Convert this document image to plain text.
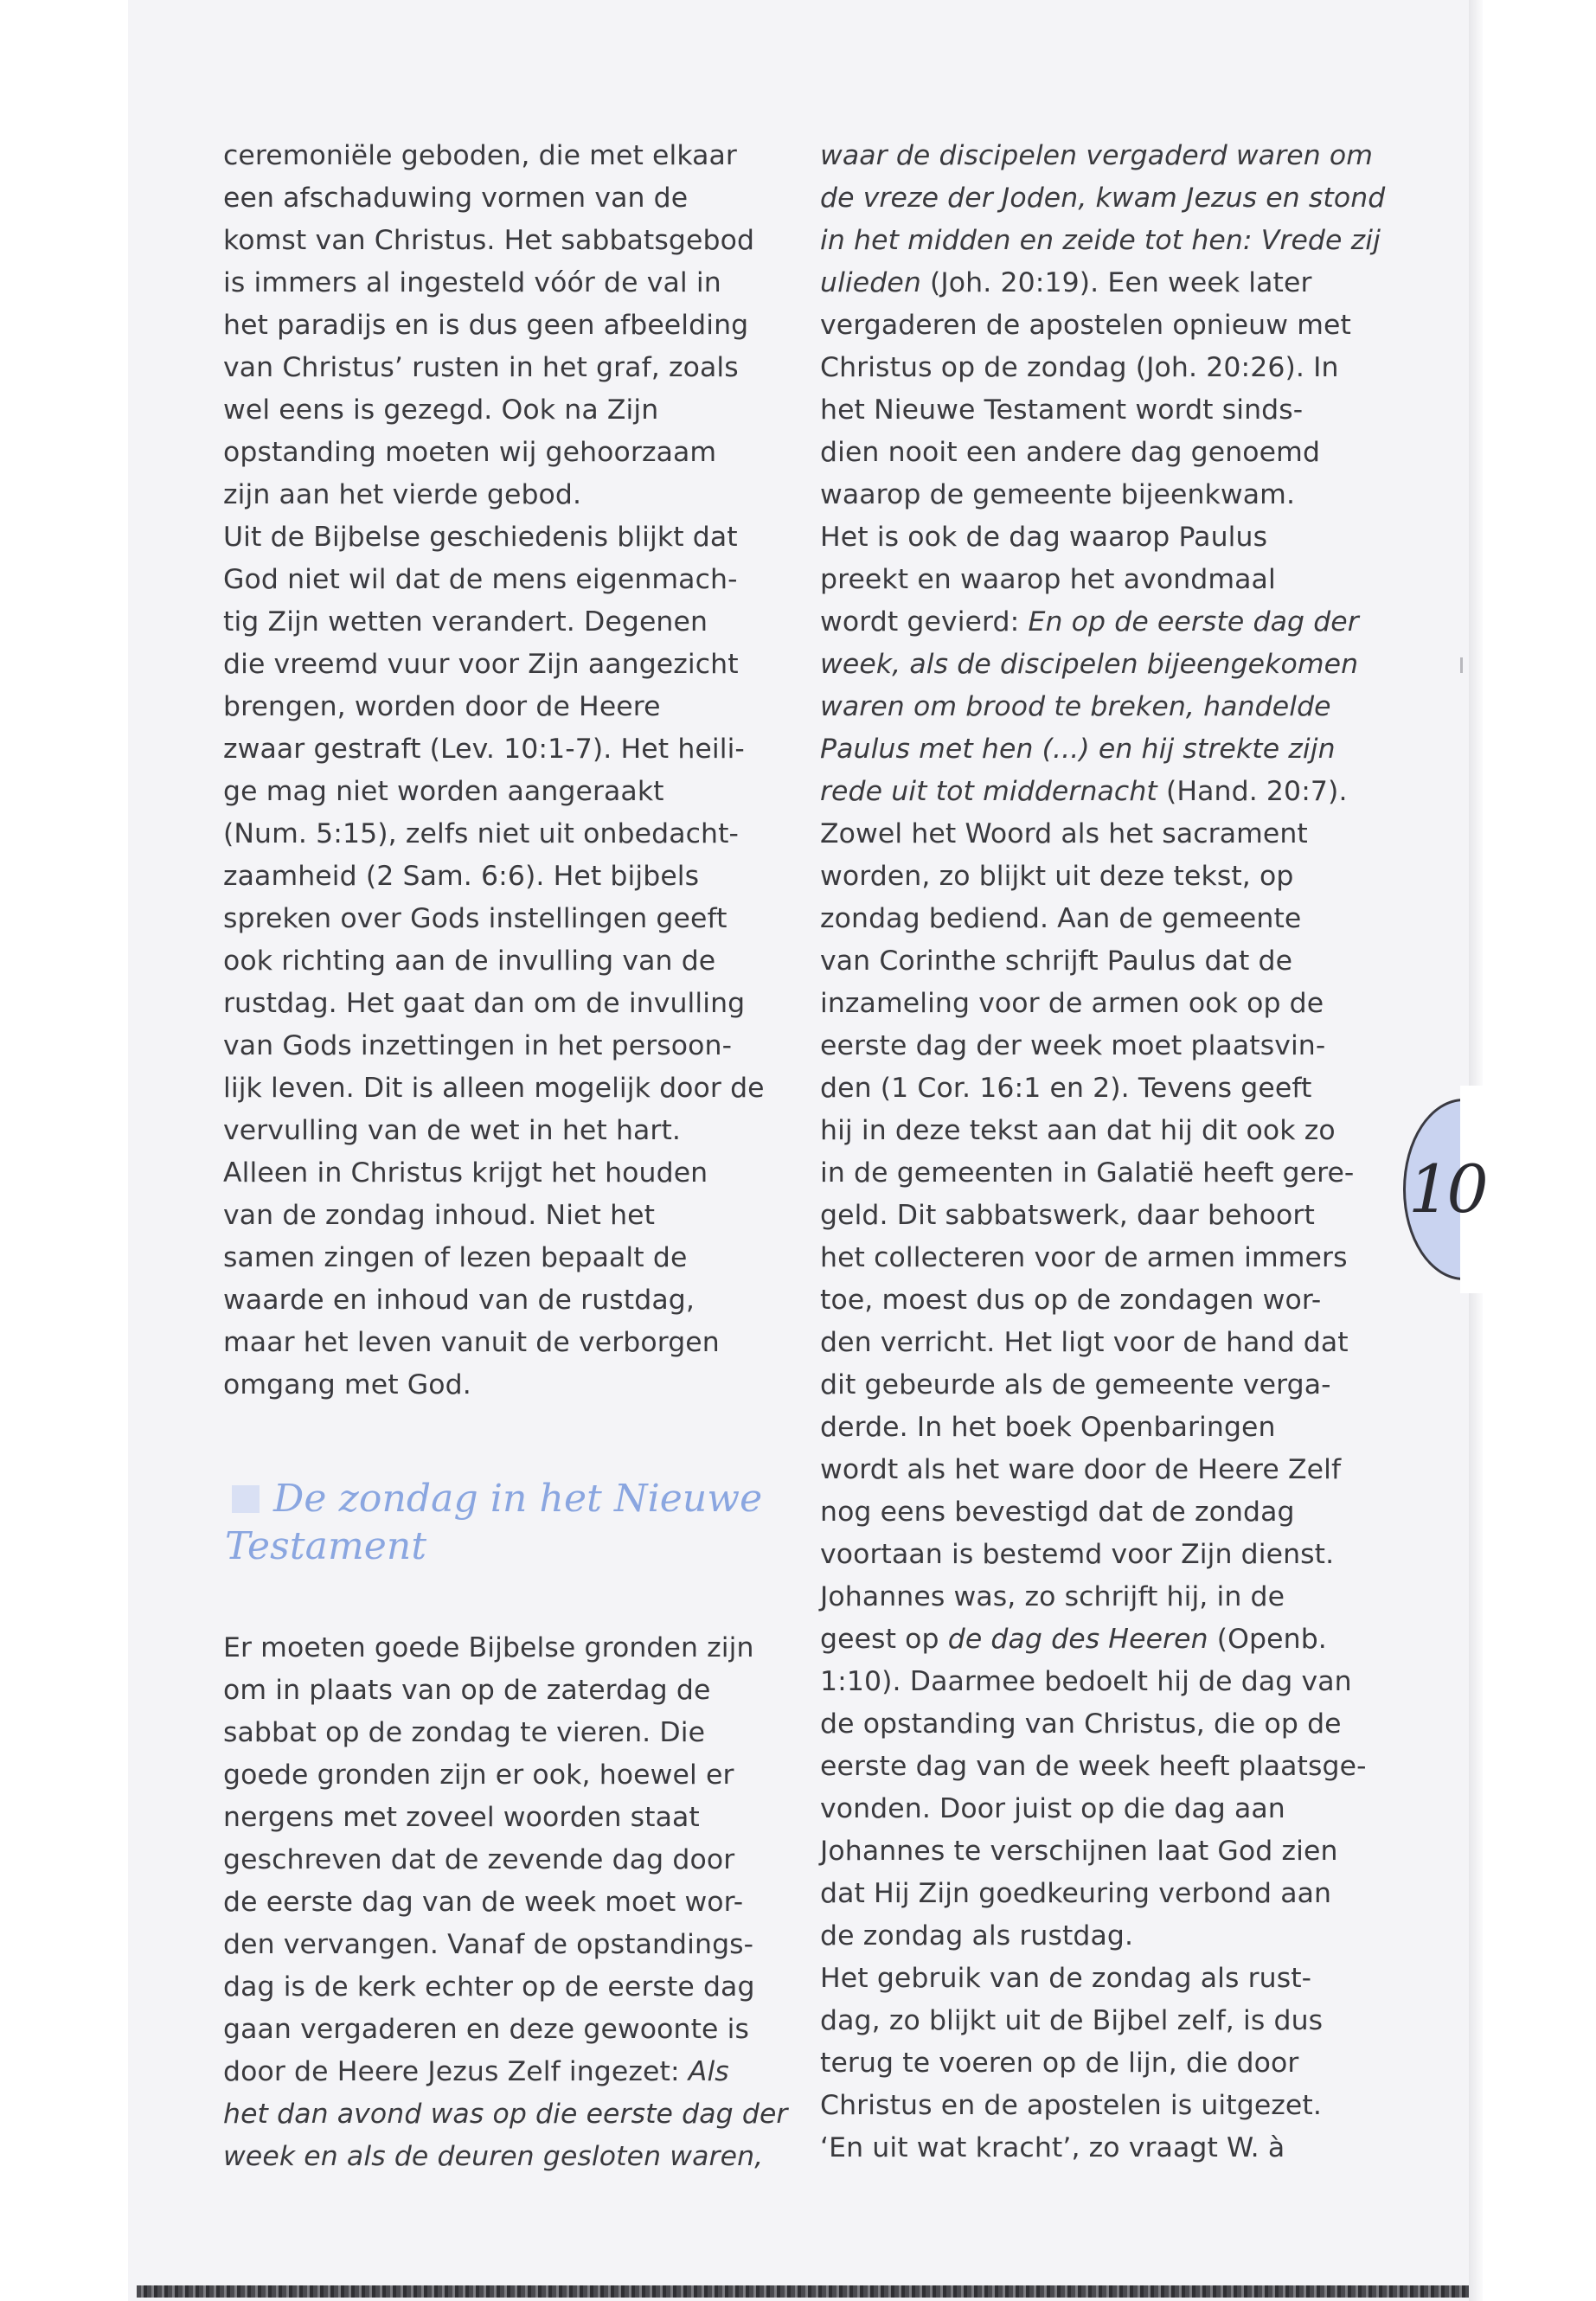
ceremoniële geboden, die met elkaar
een afschaduwing vormen van de
komst van Christus. Het sabbatsgebod
is immers al ingesteld vóór de val in
het paradijs en is dus geen afbeelding
van Christus’ rusten in het graf, zoals
wel eens is gezegd. Ook na Zijn
opstanding moeten wij gehoorzaam
zijn aan het vierde gebod.
Uit de Bijbelse geschiedenis blijkt dat
God niet wil dat de mens eigenmach-
tig Zijn wetten verandert. Degenen
die vreemd vuur voor Zijn aangezicht
brengen, worden door de Heere
zwaar gestraft (Lev. 10:1-7). Het heili-
ge mag niet worden aangeraakt
(Num. 5:15), zelfs niet uit onbedacht-
zaamheid (2 Sam. 6:6). Het bijbels
spreken over Gods instellingen geeft
ook richting aan de invulling van de
rustdag. Het gaat dan om de invulling
van Gods inzettingen in het persoon-
lijk leven. Dit is alleen mogelijk door de
vervulling van de wet in het hart.
Alleen in Christus krijgt het houden
van de zondag inhoud. Niet het
samen zingen of lezen bepaalt de
waarde en inhoud van de rustdag,
maar het leven vanuit de verborgen
omgang met God.
De zondag in het Nieuwe
Testament
Er moeten goede Bijbelse gronden zijn
om in plaats van op de zaterdag de
sabbat op de zondag te vieren. Die
goede gronden zijn er ook, hoewel er
nergens met zoveel woorden staat
geschreven dat de zevende dag door
de eerste dag van de week moet wor-
den vervangen. Vanaf de opstandings-
dag is de kerk echter op de eerste dag
gaan vergaderen en deze gewoonte is
door de Heere Jezus Zelf ingezet: Als
het dan avond was op die eerste dag der
week en als de deuren gesloten waren,
waar de discipelen vergaderd waren om
de vreze der Joden, kwam Jezus en stond
in het midden en zeide tot hen: Vrede zij
ulieden (Joh. 20:19). Een week later
vergaderen de apostelen opnieuw met
Christus op de zondag (Joh. 20:26). In
het Nieuwe Testament wordt sinds-
dien nooit een andere dag genoemd
waarop de gemeente bijeenkwam.
Het is ook de dag waarop Paulus
preekt en waarop het avondmaal
wordt gevierd: En op de eerste dag der
week, als de discipelen bijeengekomen
waren om brood te breken, handelde
Paulus met hen (...) en hij strekte zijn
rede uit tot middernacht (Hand. 20:7).
Zowel het Woord als het sacrament
worden, zo blijkt uit deze tekst, op
zondag bediend. Aan de gemeente
van Corinthe schrijft Paulus dat de
inzameling voor de armen ook op de
eerste dag der week moet plaatsvin-
den (1 Cor. 16:1 en 2). Tevens geeft
hij in deze tekst aan dat hij dit ook zo
in de gemeenten in Galatië heeft gere-
geld. Dit sabbatswerk, daar behoort
het collecteren voor de armen immers
toe, moest dus op de zondagen wor-
den verricht. Het ligt voor de hand dat
dit gebeurde als de gemeente verga-
derde. In het boek Openbaringen
wordt als het ware door de Heere Zelf
nog eens bevestigd dat de zondag
voortaan is bestemd voor Zijn dienst.
Johannes was, zo schrijft hij, in de
geest op de dag des Heeren (Openb.
1:10). Daarmee bedoelt hij de dag van
de opstanding van Christus, die op de
eerste dag van de week heeft plaatsge-
vonden. Door juist op die dag aan
Johannes te verschijnen laat God zien
dat Hij Zijn goedkeuring verbond aan
de zondag als rustdag.
Het gebruik van de zondag als rust-
dag, zo blijkt uit de Bijbel zelf, is dus
terug te voeren op de lijn, die door
Christus en de apostelen is uitgezet.
‘En uit wat kracht’, zo vraagt W. à
10
